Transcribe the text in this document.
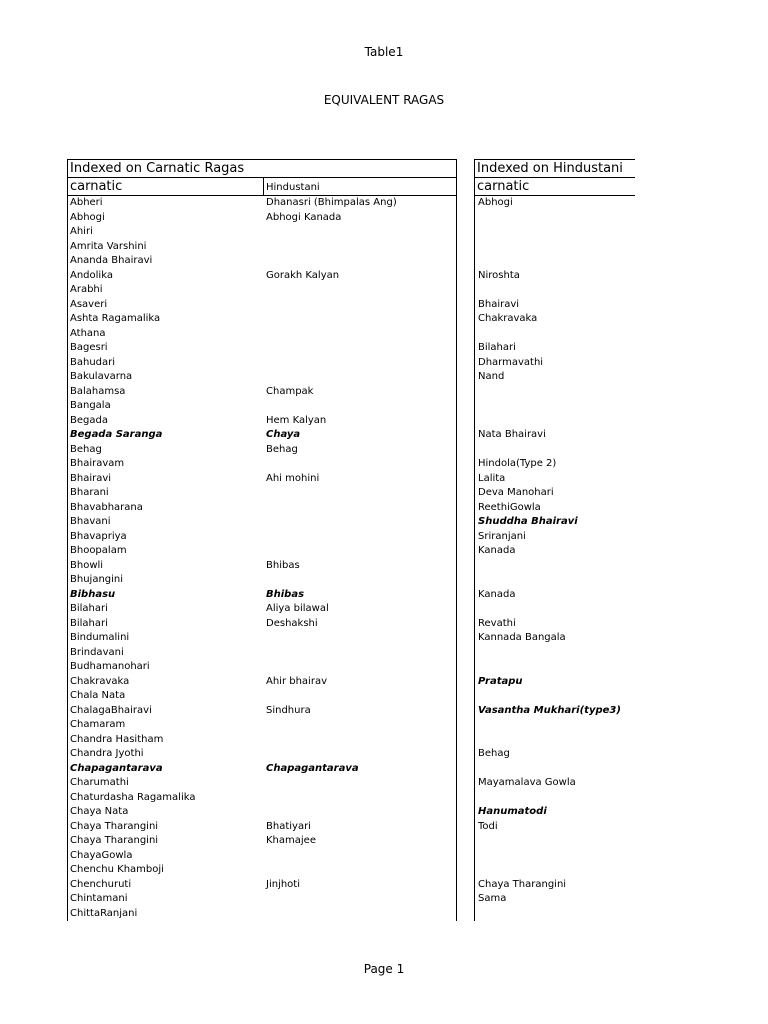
Table1
EQUIVALENT RAGAS
Indexed on Carnatic Ragas
carnatic	Hindustani
Abheri	Dhanasri (Bhimpalas Ang)
Abhogi	Abhogi Kanada
Ahiri
Amrita Varshini
Ananda Bhairavi
Andolika	Gorakh Kalyan
Arabhi
Asaveri
Ashta Ragamalika
Athana
Bagesri
Bahudari
Bakulavarna
Balahamsa	Champak
Bangala
Begada	Hem Kalyan
Begada Saranga	Chaya
Behag	Behag
Bhairavam
Bhairavi	Ahi mohini
Bharani
Bhavabharana
Bhavani
Bhavapriya
Bhoopalam
Bhowli	Bhibas
Bhujangini
Bibhasu	Bhibas
Bilahari	Aliya bilawal
Bilahari	Deshakshi
Bindumalini
Brindavani
Budhamanohari
Chakravaka	Ahir bhairav
Chala Nata
ChalagaBhairavi	Sindhura
Chamaram
Chandra Hasitham
Chandra Jyothi
Chapagantarava	Chapagantarava
Charumathi
Chaturdasha Ragamalika
Chaya Nata
Chaya Tharangini	Bhatiyari
Chaya Tharangini	Khamajee
ChayaGowla
Chenchu Khamboji
Chenchuruti	Jinjhoti
Chintamani
ChittaRanjani
Indexed on Hindustani
carnatic
Abhogi
Niroshta
Bhairavi
Chakravaka
Bilahari
Dharmavathi
Nand
Nata Bhairavi
Hindola(Type 2)
Lalita
Deva Manohari
ReethiGowla
Shuddha Bhairavi
Sriranjani
Kanada
Kanada
Revathi
Kannada Bangala
Pratapu
Vasantha Mukhari(type3)
Behag
Mayamalava Gowla
Hanumatodi
Todi
Chaya Tharangini
Sama
Page 1
